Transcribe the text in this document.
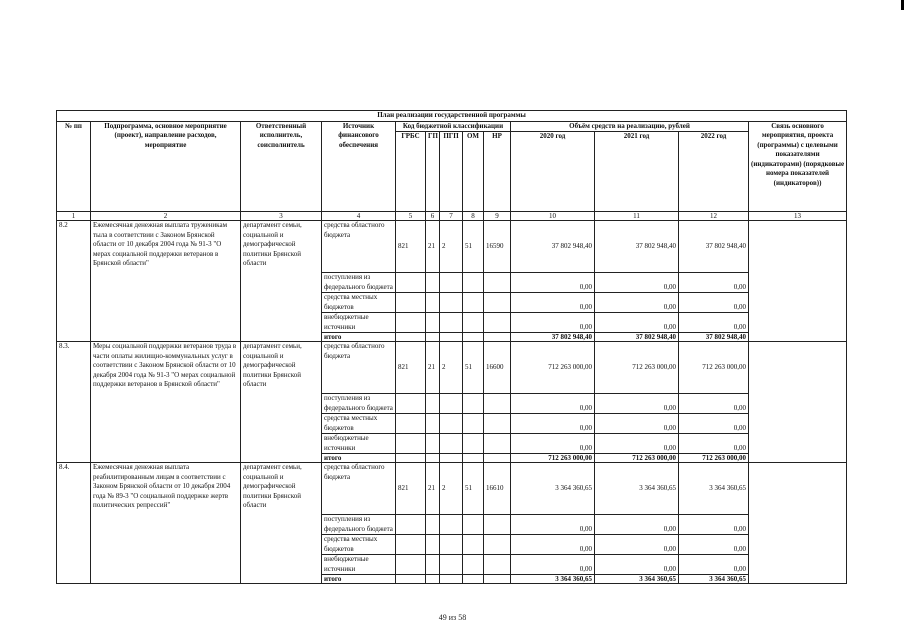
План реализации государственной программы												
№ пп	Подпрограмма, основное мероприятие (проект), направление расходов, мероприятие	Ответственный исполнитель, соисполнитель	Источник финансового обеспечения	Код бюджетной классификации					Объём средств на реализацию, рублей			Связь основного мероприятия, проекта (программы) с целевыми показателями (индикаторами) (порядковые номера показателей (индикаторов))
				ГРБС	ГП	ПГП	ОМ	НР	2020 год	2021 год	2022 год	
1	2	3	4	5	6	7	8	9	10	11	12	13
8.2	Ежемесячная денежная выплата труженикам тыла в соответствии с Законом Брянской области от 10 декабря 2004 года № 91-3 "О мерах социальной поддержки ветеранов в Брянской области"	департамент семьи, социальной и демографической политики Брянской области	средства областного бюджета	821	21	2	51	16590	37 802 948,40	37 802 948,40	37 802 948,40	
			поступления из федерального бюджета						0,00	0,00	0,00	
			средства местных бюджетов						0,00	0,00	0,00	
			внебюджетные источники						0,00	0,00	0,00	
			итого						37 802 948,40	37 802 948,40	37 802 948,40	
8.3.	Меры социальной поддержки ветеранов труда в части оплаты жилищно-коммунальных услуг в соответствии с Законом Брянской области от 10 декабря 2004 года № 91-3 "О мерах социальной поддержки ветеранов в Брянской области"	департамент семьи, социальной и демографической политики Брянской области	средства областного бюджета	821	21	2	51	16600	712 263 000,00	712 263 000,00	712 263 000,00	
			поступления из федерального бюджета						0,00	0,00	0,00	
			средства местных бюджетов						0,00	0,00	0,00	
			внебюджетные источники						0,00	0,00	0,00	
			итого						712 263 000,00	712 263 000,00	712 263 000,00	
8.4.	Ежемесячная денежная выплата реабилитированным лицам в соответствии с Законом Брянской области от 10 декабря 2004 года № 89-3 "О социальной поддержке жертв политических репрессий"	департамент семьи, социальной и демографической политики Брянской области	средства областного бюджета	821	21	2	51	16610	3 364 360,65	3 364 360,65	3 364 360,65	
			поступления из федерального бюджета						0,00	0,00	0,00	
			средства местных бюджетов						0,00	0,00	0,00	
			внебюджетные источники						0,00	0,00	0,00	
			итого						3 364 360,65	3 364 360,65	3 364 360,65	
49 из 58
